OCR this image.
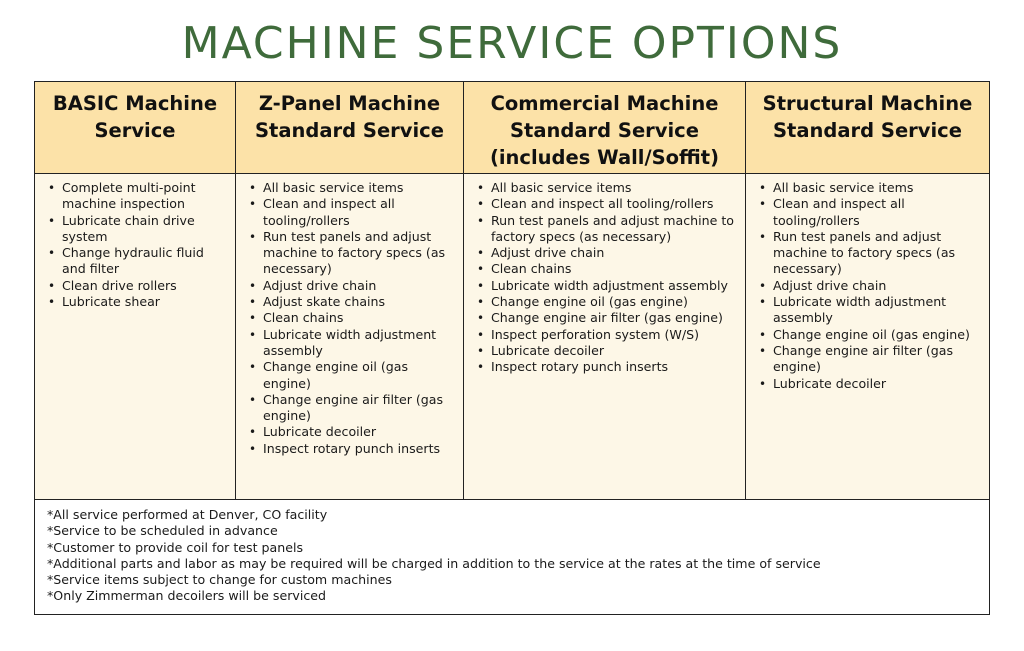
MACHINE SERVICE OPTIONS
BASIC Machine
Service
Z-Panel Machine
Standard Service
Commercial Machine
Standard Service
(includes Wall/Soffit)
Structural Machine
Standard Service
• Complete multi-point machine inspection
• Lubricate chain drive system
• Change hydraulic fluid and filter
• Clean drive rollers
• Lubricate shear
• All basic service items
• Clean and inspect all tooling/rollers
• Run test panels and adjust machine to factory specs (as necessary)
• Adjust drive chain
• Adjust skate chains
• Clean chains
• Lubricate width adjustment assembly
• Change engine oil (gas engine)
• Change engine air filter (gas engine)
• Lubricate decoiler
• Inspect rotary punch inserts
• All basic service items
• Clean and inspect all tooling/rollers
• Run test panels and adjust machine to factory specs (as necessary)
• Adjust drive chain
• Clean chains
• Lubricate width adjustment assembly
• Change engine oil (gas engine)
• Change engine air filter (gas engine)
• Inspect perforation system (W/S)
• Lubricate decoiler
• Inspect rotary punch inserts
• All basic service items
• Clean and inspect all tooling/rollers
• Run test panels and adjust machine to factory specs (as necessary)
• Adjust drive chain
• Lubricate width adjustment assembly
• Change engine oil (gas engine)
• Change engine air filter (gas engine)
• Lubricate decoiler
*All service performed at Denver, CO facility
*Service to be scheduled in advance
*Customer to provide coil for test panels
*Additional parts and labor as may be required will be charged in addition to the service at the rates at the time of service
*Service items subject to change for custom machines
*Only Zimmerman decoilers will be serviced
